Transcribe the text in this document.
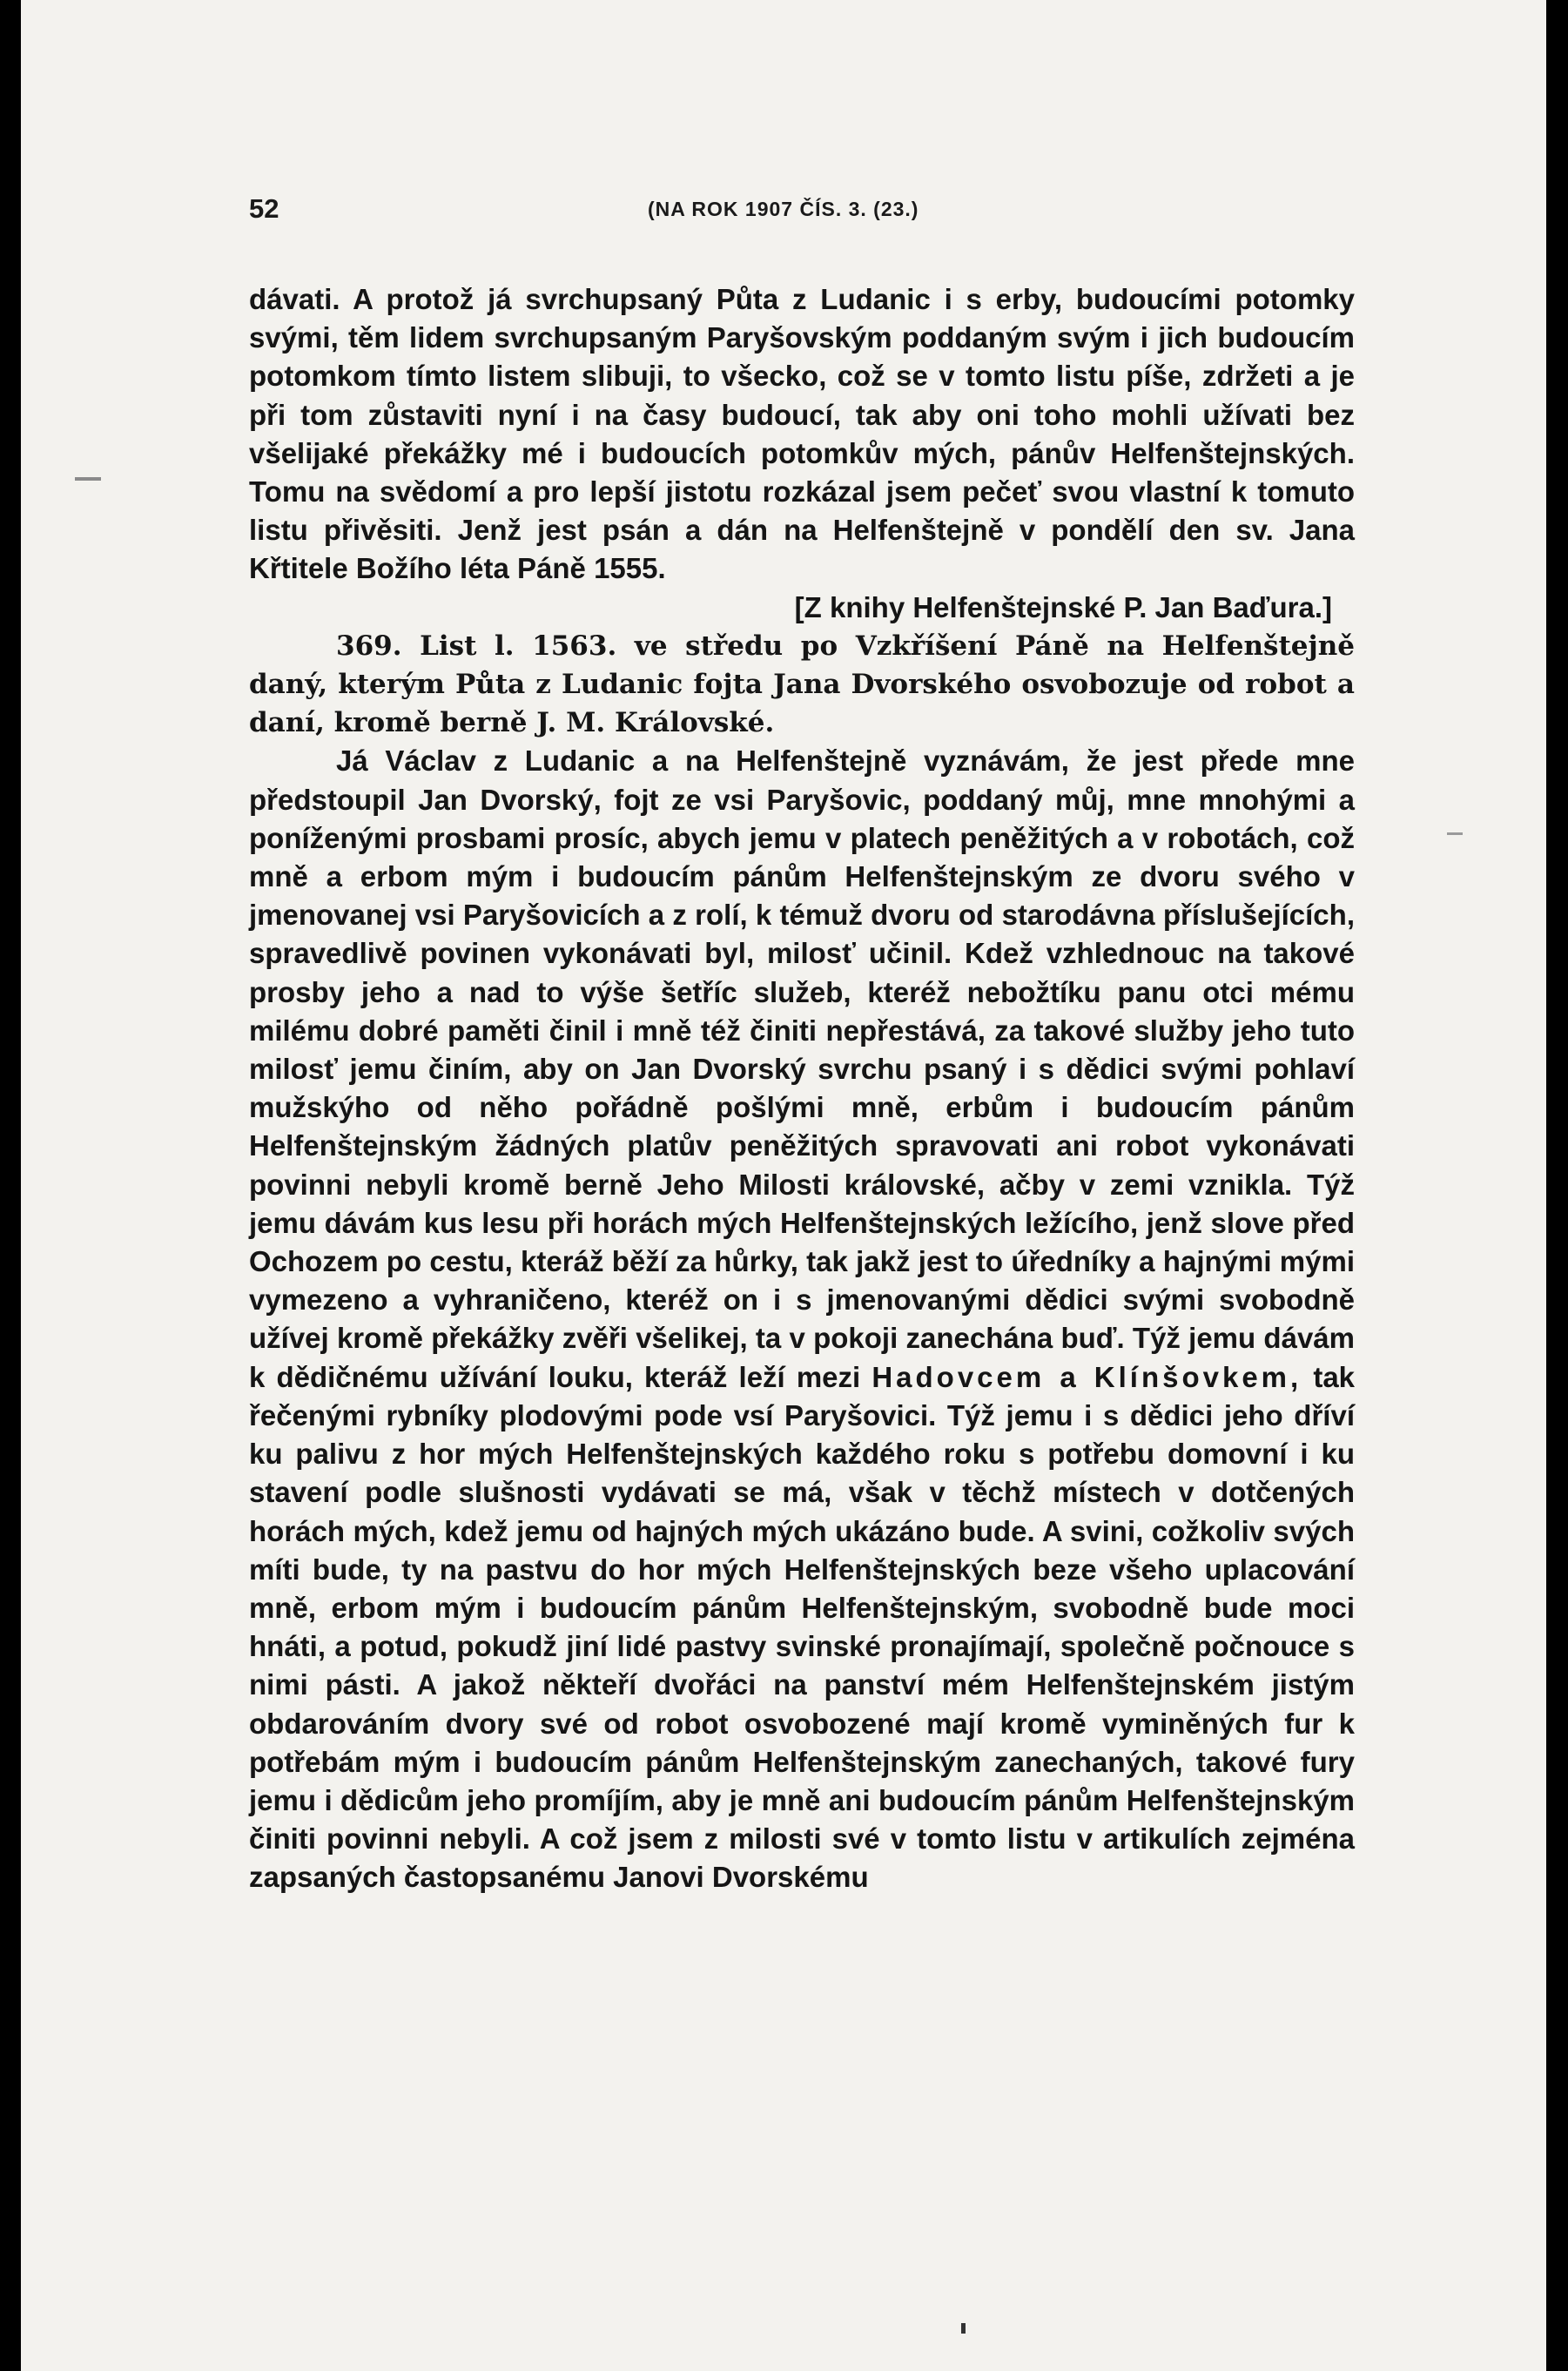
52	(NA ROK 1907 ČÍS. 3. (23.)

dávati. A protož já svrchupsaný Půta z Ludanic i s erby, budoucími potomky svými, těm lidem svrchupsaným Paryšovským poddaným svým i jich budoucím potomkom tímto listem slibuji, to všecko, což se v tomto listu píše, zdržeti a je při tom zůstaviti nyní i na časy budoucí, tak aby oni toho mohli užívati bez všelijaké překážky mé i budoucích potomkův mých, pánův Helfenštejnských. Tomu na svědomí a pro lepší jistotu rozkázal jsem pečeť svou vlastní k tomuto listu přivěsiti. Jenž jest psán a dán na Helfenštejně v pondělí den sv. Jana Křtitele Božího léta Páně 1555.

[Z knihy Helfenštejnské P. Jan Baďura.]

369. List l. 1563. ve středu po Vzkříšení Páně na Helfenštejně daný, kterým Půta z Ludanic fojta Jana Dvorského osvobozuje od robot a daní, kromě berně J. M. Královské.

Já Václav z Ludanic a na Helfenštejně vyznávám, že jest přede mne předstoupil Jan Dvorský, fojt ze vsi Paryšovic, poddaný můj, mne mnohými a poníženými prosbami prosíc, abych jemu v platech peněžitých a v robotách, což mně a erbom mým i budoucím pánům Helfenštejnským ze dvoru svého v jmenovanej vsi Paryšovicích a z rolí, k témuž dvoru od starodávna příslušejících, spravedlivě povinen vykonávati byl, milosť učinil. Kdež vzhlednouc na takové prosby jeho a nad to výše šetříc služeb, kteréž nebožtíku panu otci mému milému dobré paměti činil i mně též činiti nepřestává, za takové služby jeho tuto milosť jemu činím, aby on Jan Dvorský svrchu psaný i s dědici svými pohlaví mužskýho od něho pořádně pošlými mně, erbům i budoucím pánům Helfenštejnským žádných platův peněžitých spravovati ani robot vykonávati povinni nebyli kromě berně Jeho Milosti královské, ačby v zemi vznikla. Týž jemu dávám kus lesu při horách mých Helfenštejnských ležícího, jenž slove před Ochozem po cestu, kteráž běží za hůrky, tak jakž jest to úředníky a hajnými mými vymezeno a vyhraničeno, kteréž on i s jmenovanými dědici svými svobodně užívej kromě překážky zvěři všelikej, ta v pokoji zanechána buď. Týž jemu dávám k dědičnému užívání louku, kteráž leží mezi Hadovcem a Klínšovkem, tak řečenými rybníky plodovými pode vsí Paryšovici. Týž jemu i s dědici jeho dříví ku palivu z hor mých Helfenštejnských každého roku s potřebu domovní i ku stavení podle slušnosti vydávati se má, však v těchž místech v dotčených horách mých, kdež jemu od hajných mých ukázáno bude. A svini, cožkoliv svých míti bude, ty na pastvu do hor mých Helfenštejnských beze všeho uplacování mně, erbom mým i budoucím pánům Helfenštejnským, svobodně bude moci hnáti, a potud, pokudž jiní lidé pastvy svinské pronajímají, společně počnouce s nimi pásti. A jakož někteří dvořáci na panství mém Helfenštejnském jistým obdarováním dvory své od robot osvobozené mají kromě vyminěných fur k potřebám mým i budoucím pánům Helfenštejnským zanechaných, takové fury jemu i dědicům jeho promíjím, aby je mně ani budoucím pánům Helfenštejnským činiti povinni nebyli. A což jsem z milosti své v tomto listu v artikulích zejména zapsaných častopsanému Janovi Dvorskému
